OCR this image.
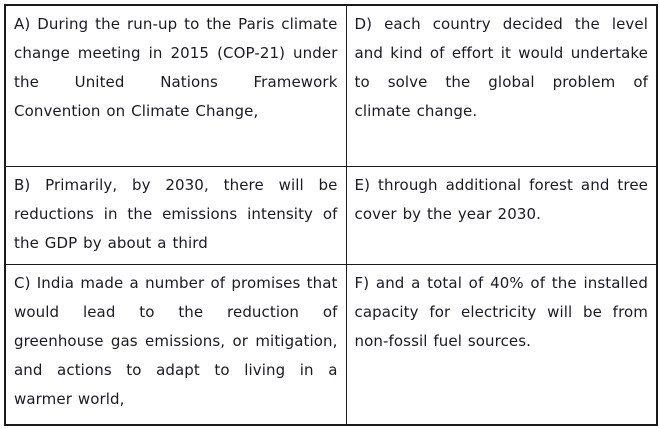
A) During the run-up to the Paris climate change meeting in 2015 (COP-21) under the United Nations Framework Convention on Climate Change,	D) each country decided the level and kind of effort it would undertake to solve the global problem of climate change.
B) Primarily, by 2030, there will be reductions in the emissions intensity of the GDP by about a third	E) through additional forest and tree cover by the year 2030.
C) India made a number of promises that would lead to the reduction of greenhouse gas emissions, or mitigation, and actions to adapt to living in a warmer world,	F) and a total of 40% of the installed capacity for electricity will be from non-fossil fuel sources.
